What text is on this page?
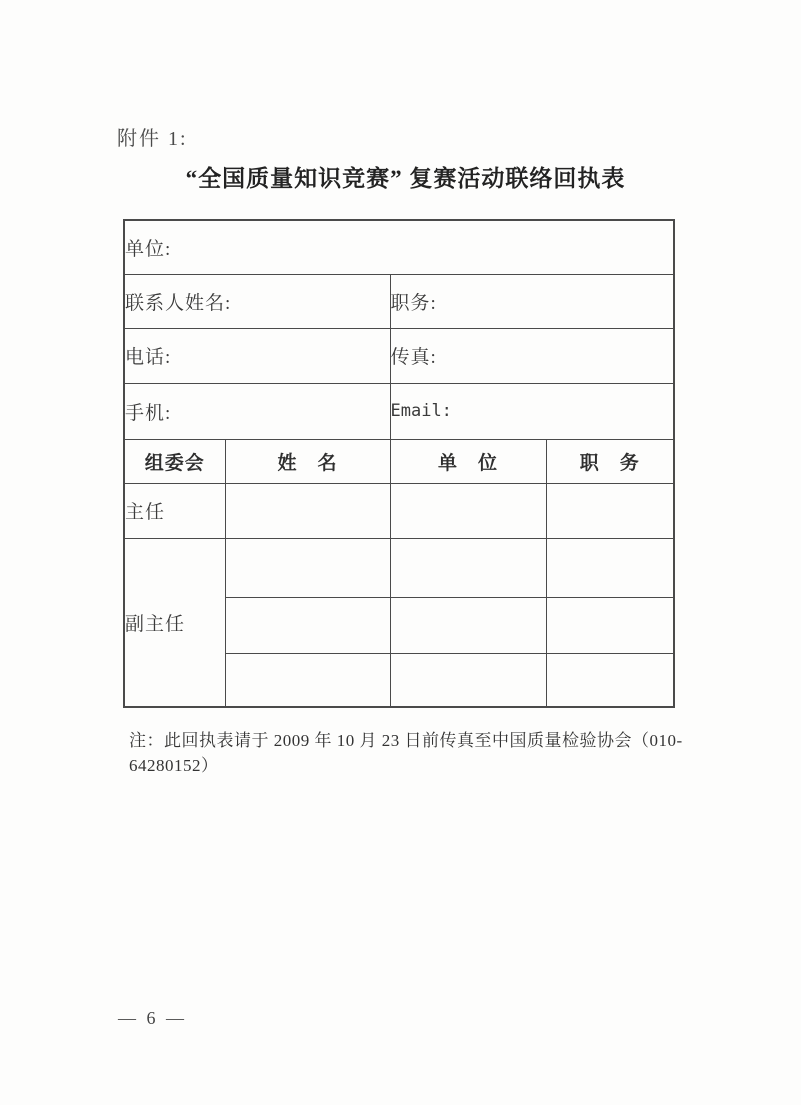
附件 1:
“全国质量知识竞赛” 复赛活动联络回执表
单位:			
联系人姓名:		职务:	
电话:		传真:	
手机:		Email:	
组委会	姓　名	单　位	职　务
主任			
副主任			

注：此回执表请于 2009 年 10 月 23 日前传真至中国质量检验协会（010-64280152）
— 6 —
